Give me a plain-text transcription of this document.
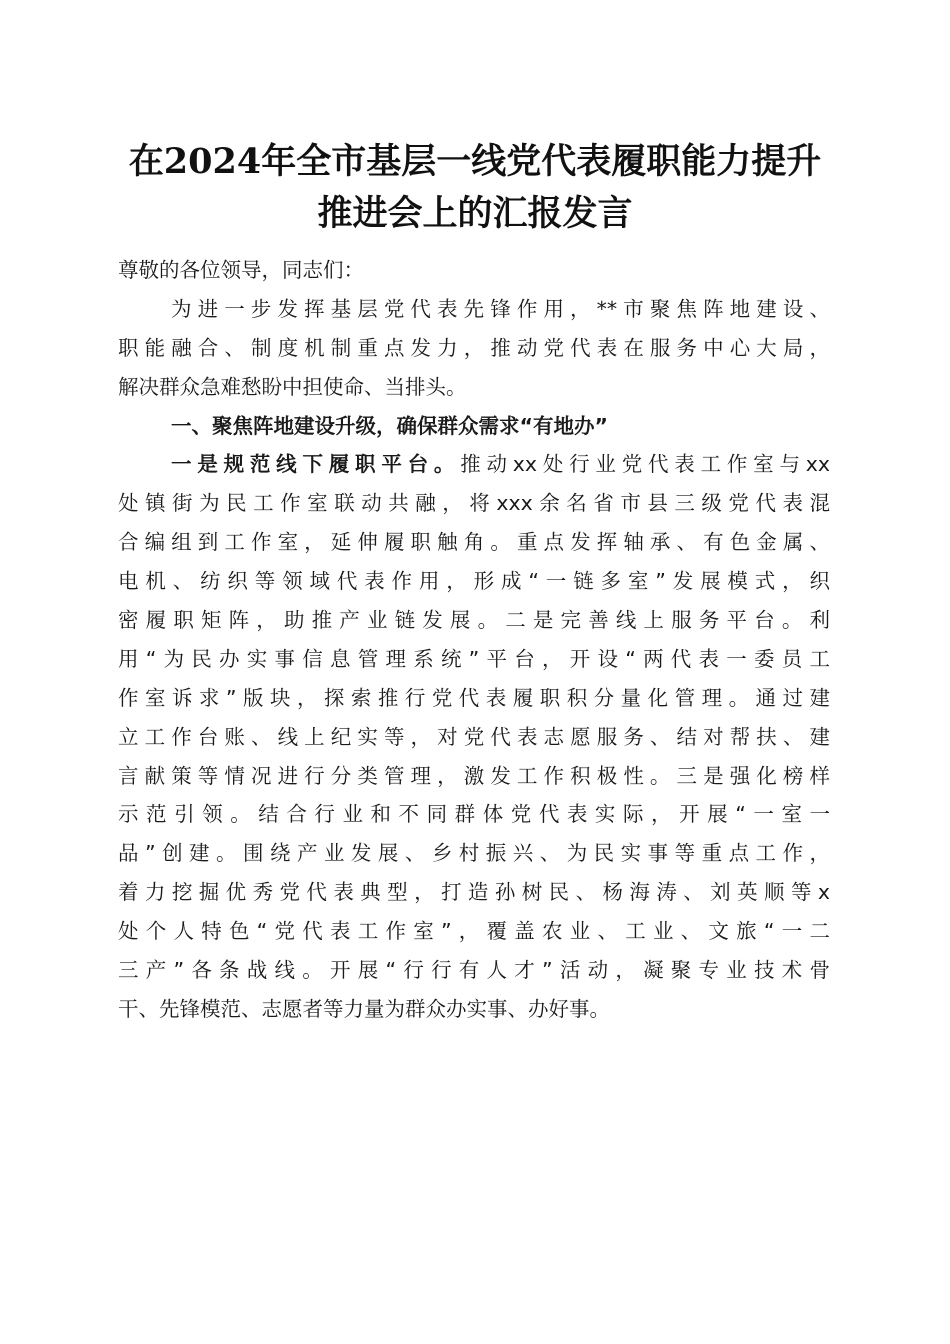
在2024年全市基层一线党代表履职能力提升
推进会上的汇报发言
尊敬的各位领导，同志们：
为进一步发挥基层党代表先锋作用，**市聚焦阵地建设、
职能融合、制度机制重点发力，推动党代表在服务中心大局，
解决群众急难愁盼中担使命、当排头。
一、聚焦阵地建设升级，确保群众需求“有地办”
一是规范线下履职平台。推动xx处行业党代表工作室与xx
处镇街为民工作室联动共融，将xxx余名省市县三级党代表混
合编组到工作室，延伸履职触角。重点发挥轴承、有色金属、
电机、纺织等领域代表作用，形成“一链多室”发展模式，织
密履职矩阵，助推产业链发展。二是完善线上服务平台。利
用“为民办实事信息管理系统”平台，开设“两代表一委员工
作室诉求”版块，探索推行党代表履职积分量化管理。通过建
立工作台账、线上纪实等，对党代表志愿服务、结对帮扶、建
言献策等情况进行分类管理，激发工作积极性。三是强化榜样
示范引领。结合行业和不同群体党代表实际，开展“一室一
品”创建。围绕产业发展、乡村振兴、为民实事等重点工作，
着力挖掘优秀党代表典型，打造孙树民、杨海涛、刘英顺等x
处个人特色“党代表工作室”，覆盖农业、工业、文旅“一二
三产”各条战线。开展“行行有人才”活动，凝聚专业技术骨
干、先锋模范、志愿者等力量为群众办实事、办好事。
